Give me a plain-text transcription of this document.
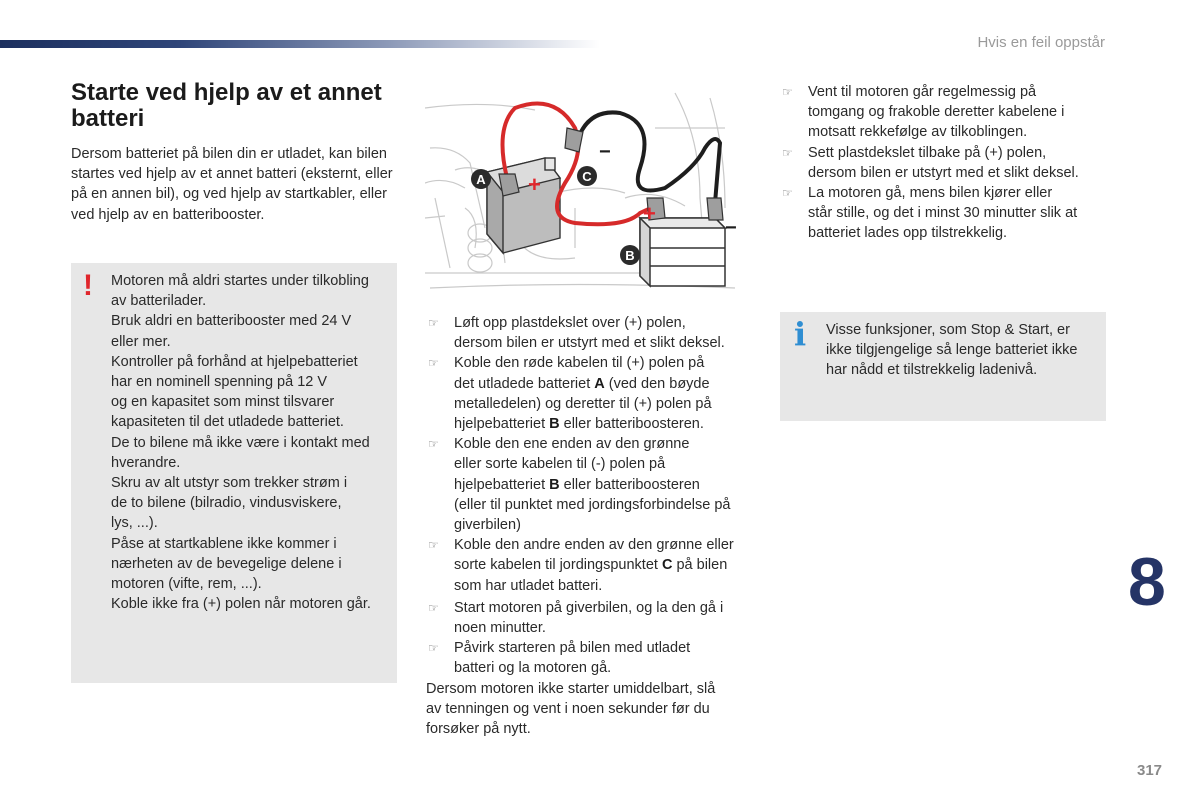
Hvis en feil oppstår
Starte ved hjelp av et annet batteri

Dersom batteriet på bilen din er utladet, kan bilen startes ved hjelp av et annet batteri (eksternt, eller på en annen bil), og ved hjelp av startkabler, eller ved hjelp av en batteribooster.

! Motoren må aldri startes under tilkobling
av batterilader.
Bruk aldri en batteribooster med 24 V
eller mer.
Kontroller på forhånd at hjelpebatteriet
har en nominell spenning på 12 V
og en kapasitet som minst tilsvarer
kapasiteten til det utladede batteriet.
De to bilene må ikke være i kontakt med
hverandre.
Skru av alt utstyr som trekker strøm i
de to bilene (bilradio, vindusviskere,
lys, ...).
Påse at startkablene ikke kommer i
nærheten av de bevegelige delene i
motoren (vifte, rem, ...).
Koble ikke fra (+) polen når motoren går.
−
−
+
+
A	C
B
☞ Løft opp plastdekslet over (+) polen,
dersom bilen er utstyrt med et slikt deksel.
☞ Koble den røde kabelen til (+) polen på
det utladede batteriet A (ved den bøyde
metalledelen) og deretter til (+) polen på
hjelpebatteriet B eller batteriboosteren.
☞ Koble den ene enden av den grønne
eller sorte kabelen til (-) polen på
hjelpebatteriet B eller batteriboosteren
(eller til punktet med jordingsforbindelse på
giverbilen)
☞ Koble den andre enden av den grønne eller
sorte kabelen til jordingspunktet C på bilen
som har utladet batteri.
☞ Start motoren på giverbilen, og la den gå i
noen minutter.
☞ Påvirk starteren på bilen med utladet
batteri og la motoren gå.
Dersom motoren ikke starter umiddelbart, slå
av tenningen og vent i noen sekunder før du
forsøker på nytt.
☞ Vent til motoren går regelmessig på
tomgang og frakoble deretter kabelene i
motsatt rekkefølge av tilkoblingen.
☞ Sett plastdekslet tilbake på (+) polen,
dersom bilen er utstyrt med et slikt deksel.
☞ La motoren gå, mens bilen kjører eller
står stille, og det i minst 30 minutter slik at
batteriet lades opp tilstrekkelig.
i Visse funksjoner, som Stop & Start, er
ikke tilgjengelige så lenge batteriet ikke
har nådd et tilstrekkelig ladenivå.
8
317
